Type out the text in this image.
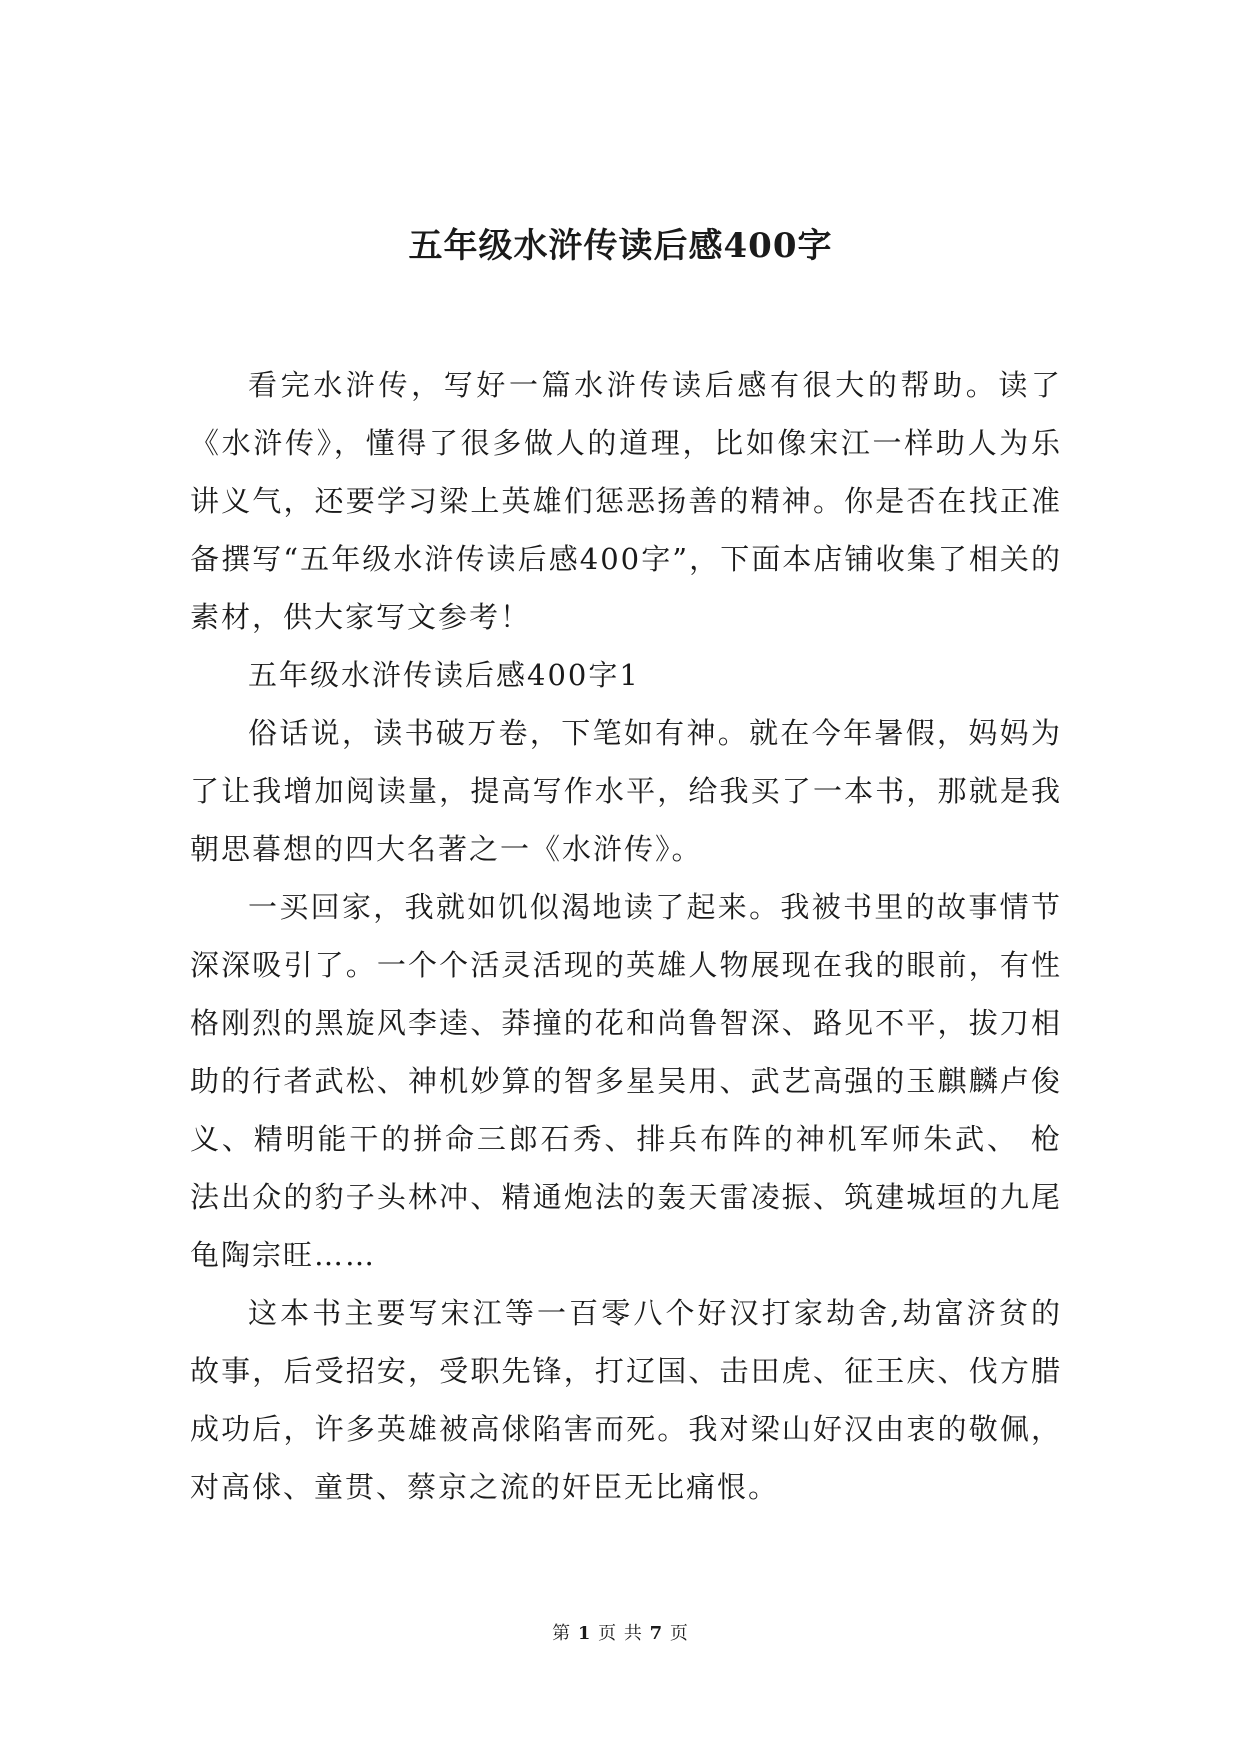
五年级水浒传读后感400字

看完水浒传，写好一篇水浒传读后感有很大的帮助。读了《水浒传》，懂得了很多做人的道理，比如像宋江一样助人为乐讲义气，还要学习梁上英雄们惩恶扬善的精神。你是否在找正准备撰写“五年级水浒传读后感400字”，下面本店铺收集了相关的素材，供大家写文参考！

五年级水浒传读后感400字1

俗话说，读书破万卷，下笔如有神。就在今年暑假，妈妈为了让我增加阅读量，提高写作水平，给我买了一本书，那就是我朝思暮想的四大名著之一《水浒传》。

一买回家，我就如饥似渴地读了起来。我被书里的故事情节深深吸引了。一个个活灵活现的英雄人物展现在我的眼前，有性格刚烈的黑旋风李逵、莽撞的花和尚鲁智深、路见不平，拔刀相助的行者武松、神机妙算的智多星吴用、武艺高强的玉麒麟卢俊义、精明能干的拼命三郎石秀、排兵布阵的神机军师朱武、 枪 法出众的豹子头林冲、精通炮法的轰天雷凌振、筑建城垣的九尾龟陶宗旺……

这本书主要写宋江等一百零八个好汉打家劫舍,劫富济贫的故事，后受招安，受职先锋，打辽国、击田虎、征王庆、伐方腊成功后，许多英雄被高俅陷害而死。我对梁山好汉由衷的敬佩，对高俅、童贯、蔡京之流的奸臣无比痛恨。

第 1 页 共 7 页
